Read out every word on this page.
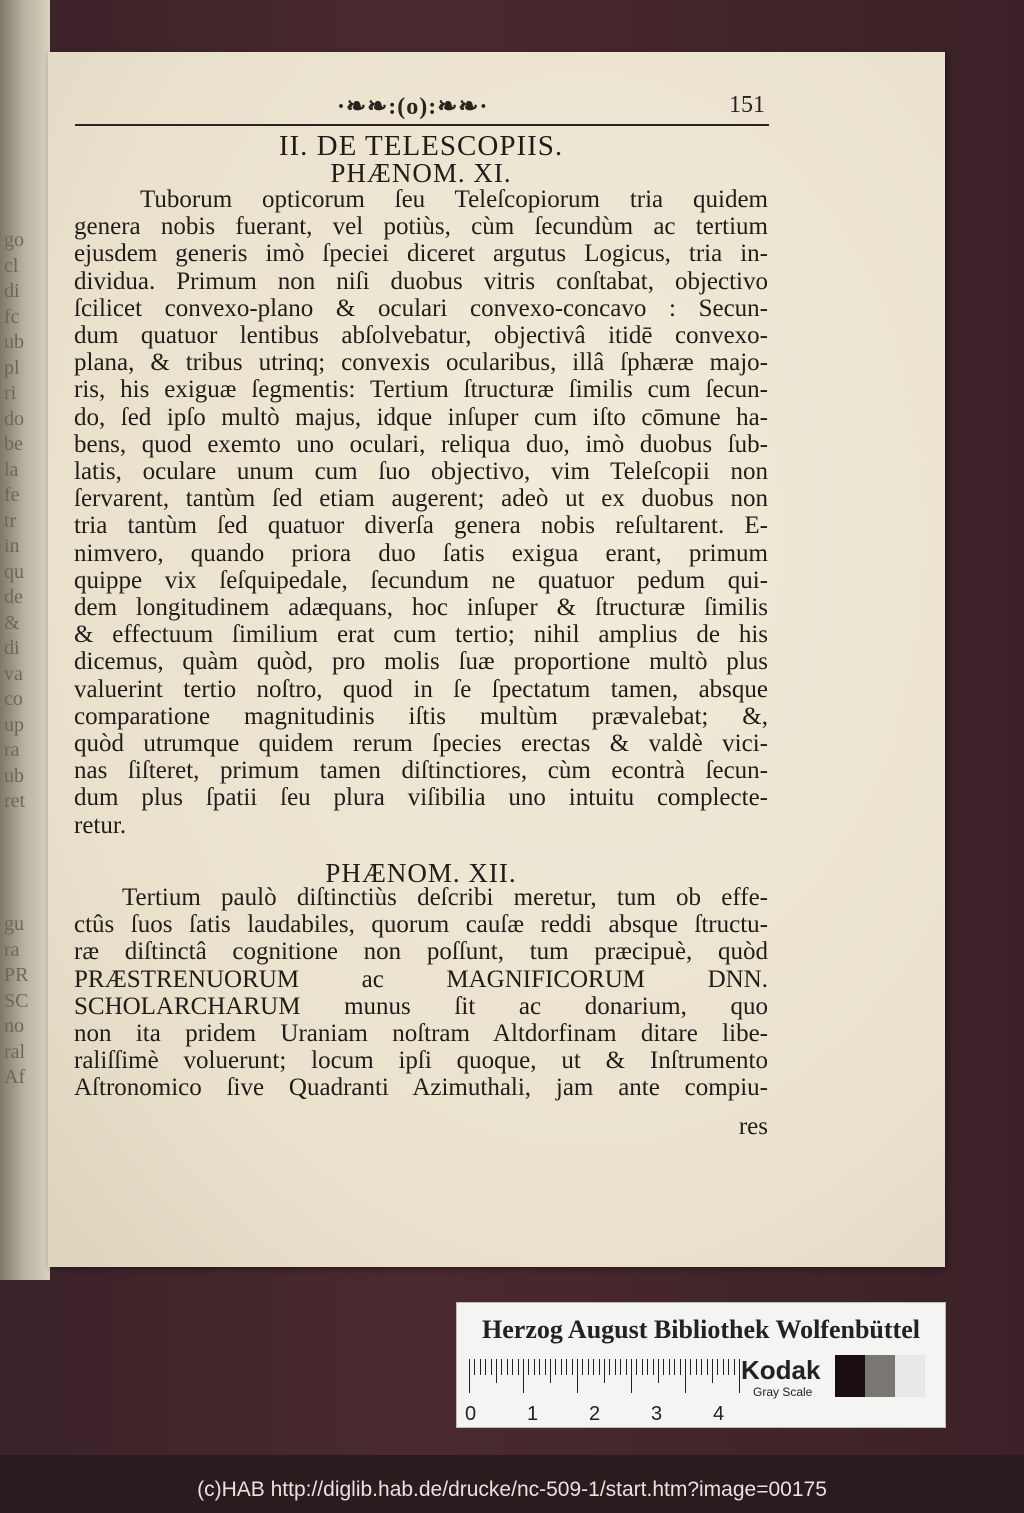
go
cl
di
fc
ub
pl
ri
do
be
la
fe
tr
in
qu
de
&
di
va
co
up
ra
ub
ret
gu
ra
PR
SC
no
ral
Af
·❧❧:(o):❧❧·	151
II. DE TELESCOPIIS.
PHÆNOM. XI.
Tuborum opticorum ſeu Teleſcopiorum tria quidem
genera nobis fuerant, vel potiùs, cùm ſecundùm ac tertium
ejusdem generis imò ſpeciei diceret argutus Logicus, tria in-
dividua. Primum non niſi duobus vitris conſtabat, objectivo
ſcilicet convexo-plano & oculari convexo-concavo : Secun-
dum quatuor lentibus abſolvebatur, objectivâ itidē convexo-
plana, & tribus utrinq; convexis ocularibus, illâ ſphæræ majo-
ris, his exiguæ ſegmentis: Tertium ſtructuræ ſimilis cum ſecun-
do, ſed ipſo multò majus, idque inſuper cum iſto cōmune ha-
bens, quod exemto uno oculari, reliqua duo, imò duobus ſub-
latis, oculare unum cum ſuo objectivo, vim Teleſcopii non
ſervarent, tantùm ſed etiam augerent; adeò ut ex duobus non
tria tantùm ſed quatuor diverſa genera nobis reſultarent. E-
nimvero, quando priora duo ſatis exigua erant, primum
quippe vix ſeſquipedale, ſecundum ne quatuor pedum qui-
dem longitudinem adæquans, hoc inſuper & ſtructuræ ſimilis
& effectuum ſimilium erat cum tertio; nihil amplius de his
dicemus, quàm quòd, pro molis ſuæ proportione multò plus
valuerint tertio noſtro, quod in ſe ſpectatum tamen, absque
comparatione magnitudinis iſtis multùm prævalebat; &,
quòd utrumque quidem rerum ſpecies erectas & valdè vici-
nas ſiſteret, primum tamen diſtinctiores, cùm econtrà ſecun-
dum plus ſpatii ſeu plura viſibilia uno intuitu complecte-
retur.
PHÆNOM. XII.
Tertium paulò diſtinctiùs deſcribi meretur, tum ob effe-
ctûs ſuos ſatis laudabiles, quorum cauſæ reddi absque ſtructu-
ræ diſtinctâ cognitione non poſſunt, tum præcipuè, quòd
PRÆSTRENUORUM ac MAGNIFICORUM DNN.
SCHOLARCHARUM munus ſit ac donarium, quo
non ita pridem Uraniam noſtram Altdorfinam ditare libe-
raliſſimè voluerunt; locum ipſi quoque, ut & Inſtrumento
Aſtronomico ſive Quadranti Azimuthali, jam ante compiu-
res
Herzog August Bibliothek Wolfenbüttel
0	1	2	3	4
Kodak
Gray Scale
(c)HAB http://diglib.hab.de/drucke/nc-509-1/start.htm?image=00175
